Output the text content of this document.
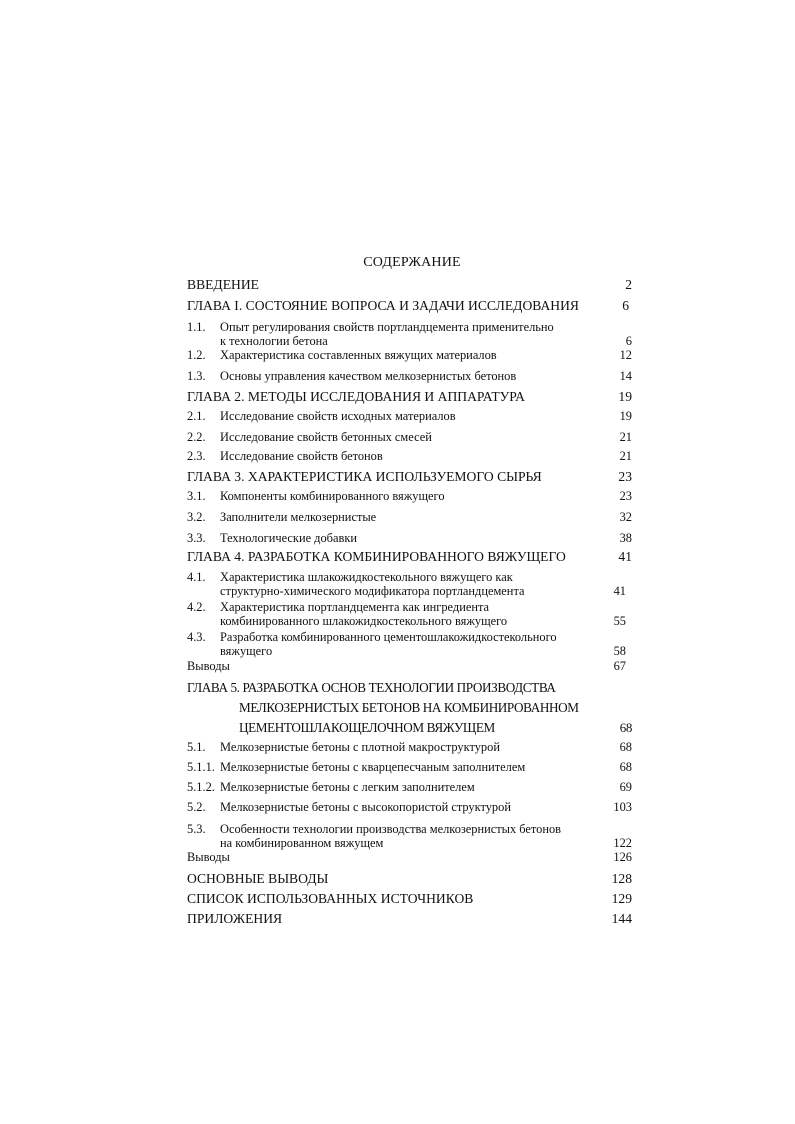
СОДЕРЖАНИЕ
ВВЕДЕНИЕ	2
ГЛАВА I. СОСТОЯНИЕ ВОПРОСА И ЗАДАЧИ ИССЛЕДОВАНИЯ	6
1.1. Опыт регулирования свойств портландцемента применительно
к технологии бетона	6
1.2. Характеристика составленных вяжущих материалов	12
1.3. Основы управления качеством мелкозернистых бетонов	14
ГЛАВА 2. МЕТОДЫ ИССЛЕДОВАНИЯ И АППАРАТУРА	19
2.1. Исследование свойств исходных материалов	19
2.2. Исследование свойств бетонных смесей	21
2.3. Исследование свойств бетонов	21
ГЛАВА 3. ХАРАКТЕРИСТИКА ИСПОЛЬЗУЕМОГО СЫРЬЯ	23
3.1. Компоненты комбинированного вяжущего	23
3.2. Заполнители мелкозернистые	32
3.3. Технологические добавки	38
ГЛАВА 4. РАЗРАБОТКА КОМБИНИРОВАННОГО ВЯЖУЩЕГО	41
4.1. Характеристика шлакожидкостекольного вяжущего как
структурно-химического модификатора портландцемента	41
4.2. Характеристика портландцемента как ингредиента
комбинированного шлакожидкостекольного вяжущего	55
4.3. Разработка комбинированного цементошлакожидкостекольного
вяжущего	58
Выводы	67
ГЛАВА 5. РАЗРАБОТКА ОСНОВ ТЕХНОЛОГИИ ПРОИЗВОДСТВА
МЕЛКОЗЕРНИСТЫХ БЕТОНОВ НА КОМБИНИРОВАННОМ
ЦЕМЕНТОШЛАКОЩЕЛОЧНОМ ВЯЖУЩЕМ	68
5.1. Мелкозернистые бетоны с плотной макроструктурой	68
5.1.1. Мелкозернистые бетоны с кварцепесчаным заполнителем	68
5.1.2. Мелкозернистые бетоны с легким заполнителем	69
5.2. Мелкозернистые бетоны с высокопористой структурой	103
5.3. Особенности технологии производства мелкозернистых бетонов
на комбинированном вяжущем	122
Выводы	126
ОСНОВНЫЕ ВЫВОДЫ	128
СПИСОК ИСПОЛЬЗОВАННЫХ ИСТОЧНИКОВ	129
ПРИЛОЖЕНИЯ	144
